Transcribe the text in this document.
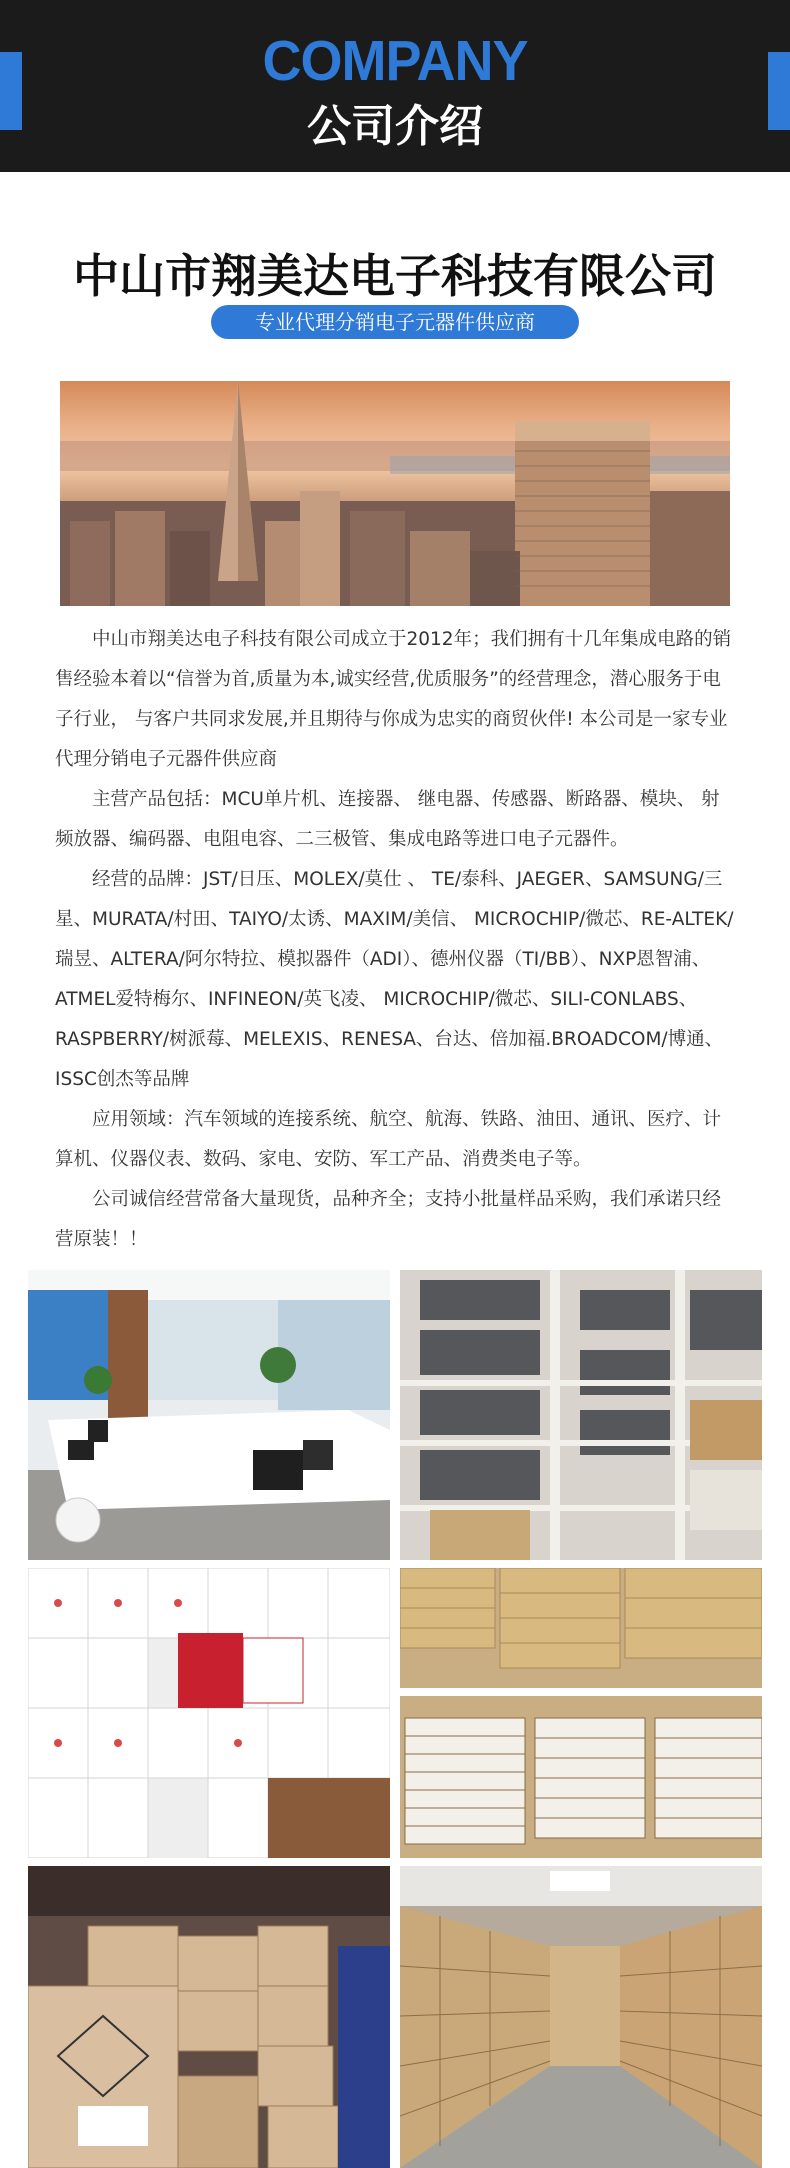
COMPANY
公司介绍
中山市翔美达电子科技有限公司
专业代理分销电子元器件供应商

中山市翔美达电子科技有限公司成立于2012年；我们拥有十几年集成电路的销售经验本着以“信誉为首,质量为本,诚实经营,优质服务”的经营理念，潜心服务于电子行业， 与客户共同求发展,并且期待与你成为忠实的商贸伙伴! 本公司是一家专业代理分销电子元器件供应商

主营产品包括：MCU单片机、连接器、 继电器、传感器、断路器、模块、 射频放器、编码器、电阻电容、二三极管、集成电路等进口电子元器件。

经营的品牌：JST/日压、MOLEX/莫仕 、 TE/泰科、JAEGER、SAMSUNG/三星、MURATA/村田、TAIYO/太诱、MAXIM/美信、 MICROCHIP/微芯、RE-ALTEK/瑞昱、ALTERA/阿尔特拉、模拟器件（ADI）、德州仪器（TI/BB）、NXP恩智浦、ATMEL爱特梅尔、INFINEON/英飞凌、 MICROCHIP/微芯、SILI-CONLABS、RASPBERRY/树派莓、MELEXIS、RENESA、台达、倍加福.BROADCOM/博通、 ISSC创杰等品牌

应用领域：汽车领域的连接系统、航空、航海、铁路、油田、通讯、医疗、计算机、仪器仪表、数码、家电、安防、军工产品、消费类电子等。

公司诚信经营常备大量现货，品种齐全；支持小批量样品采购，我们承诺只经营原装！！
